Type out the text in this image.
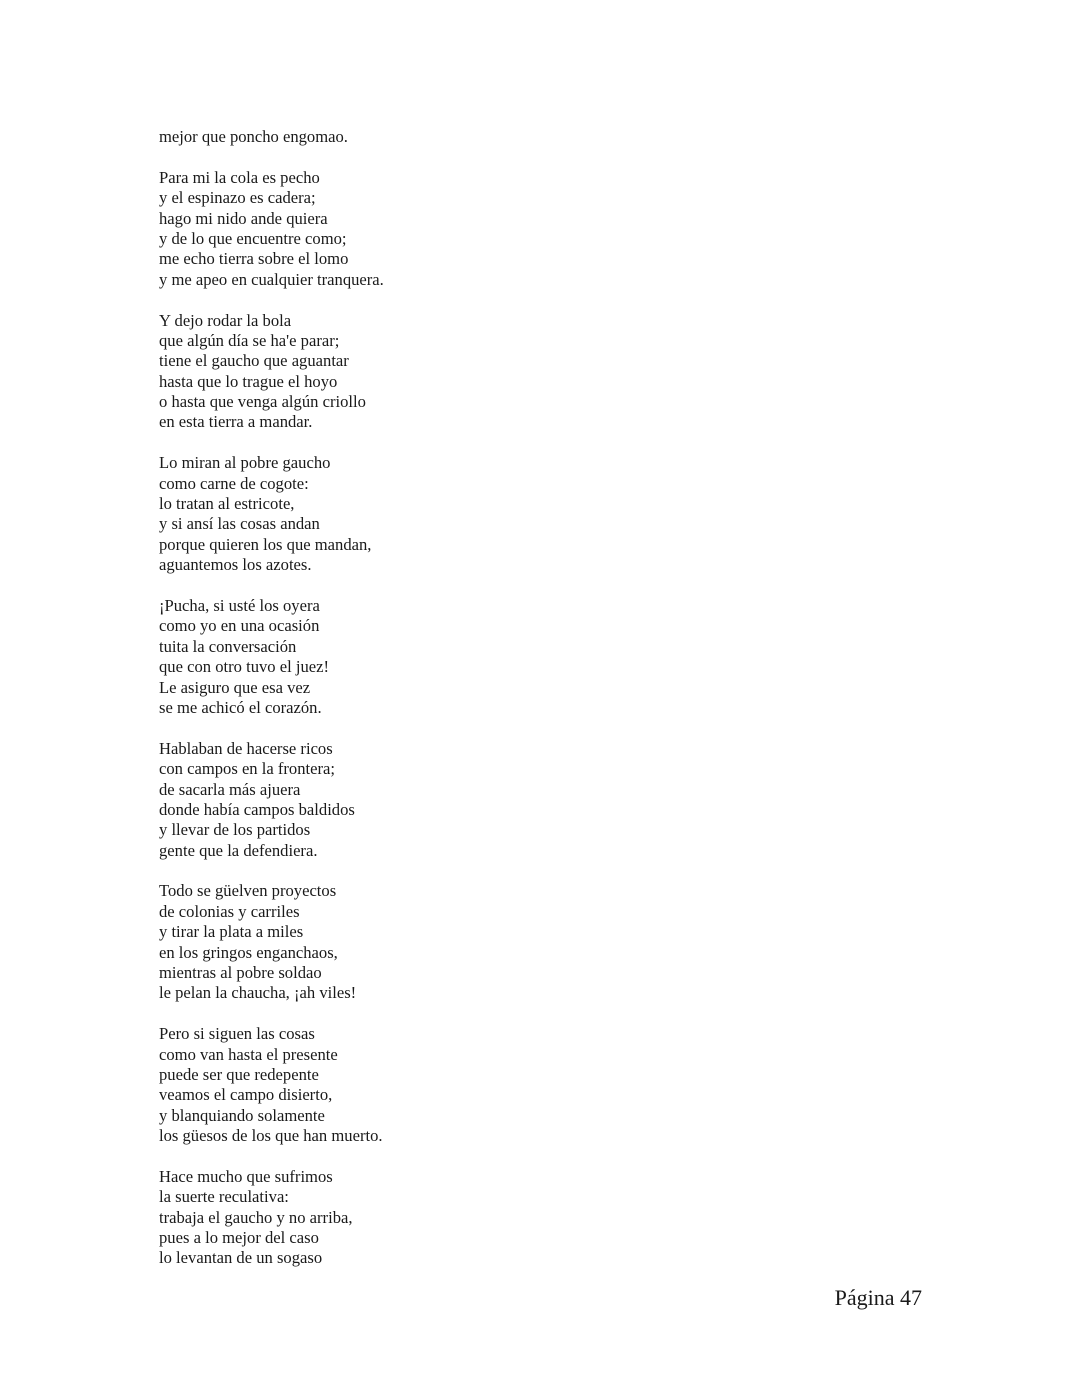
mejor que poncho engomao.
Para mi la cola es pecho
y el espinazo es cadera;
hago mi nido ande quiera
y de lo que encuentre como;
me echo tierra sobre el lomo
y me apeo en cualquier tranquera.
Y dejo rodar la bola
que algún día se ha'e parar;
tiene el gaucho que aguantar
hasta que lo trague el hoyo
o hasta que venga algún criollo
en esta tierra a mandar.
Lo miran al pobre gaucho
como carne de cogote:
lo tratan al estricote,
y si ansí las cosas andan
porque quieren los que mandan,
aguantemos los azotes.
¡Pucha, si usté los oyera
como yo en una ocasión
tuita la conversación
que con otro tuvo el juez!
Le asiguro que esa vez
se me achicó el corazón.
Hablaban de hacerse ricos
con campos en la frontera;
de sacarla más ajuera
donde había campos baldidos
y llevar de los partidos
gente que la defendiera.
Todo se güelven proyectos
de colonias y carriles
y tirar la plata a miles
en los gringos enganchaos,
mientras al pobre soldao
le pelan la chaucha, ¡ah viles!
Pero si siguen las cosas
como van hasta el presente
puede ser que redepente
veamos el campo disierto,
y blanquiando solamente
los güesos de los que han muerto.
Hace mucho que sufrimos
la suerte reculativa:
trabaja el gaucho y no arriba,
pues a lo mejor del caso
lo levantan de un sogaso
Página 47
